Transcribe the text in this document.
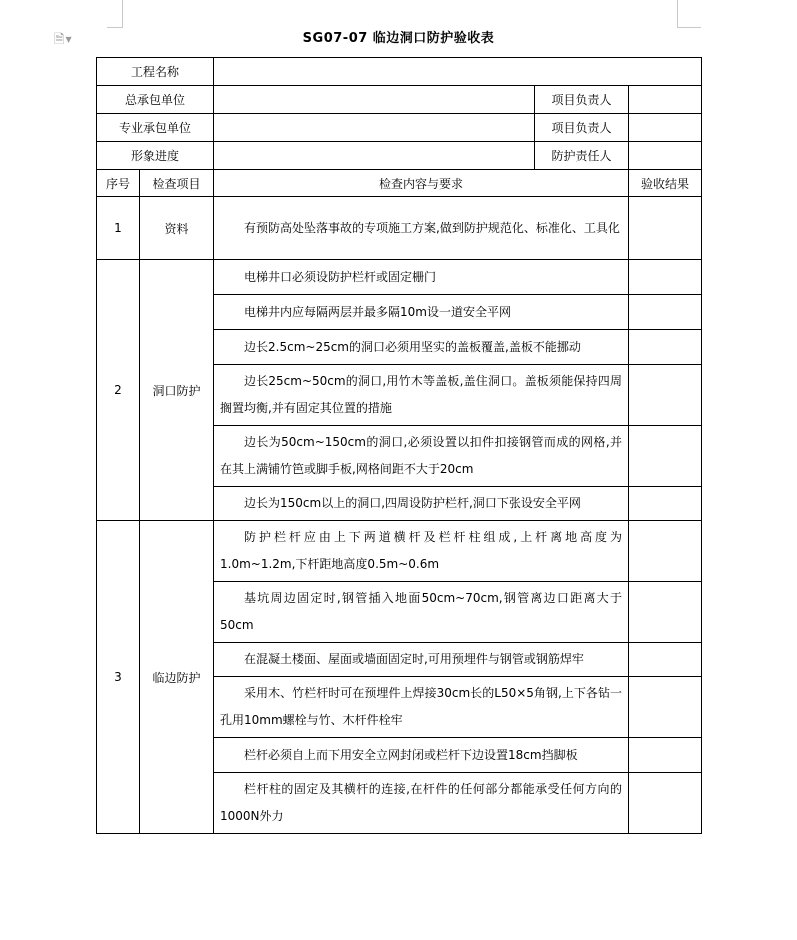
🗎▼	SG07-07 临边洞口防护验收表
工程名称				
总承包单位			项目负责人	
专业承包单位			项目负责人	
形象进度			防护责任人	
序号	检查项目	检查内容与要求		验收结果
1	资料	有预防高处坠落事故的专项施工方案,做到防护规范化、标准化、工具化		
2	洞口防护	电梯井口必须设防护栏杆或固定栅门		
		电梯井内应每隔两层并最多隔10m设一道安全平网		
		边长2.5cm~25cm的洞口必须用坚实的盖板覆盖,盖板不能挪动		
		边长25cm~50cm的洞口,用竹木等盖板,盖住洞口。盖板须能保持四周搁置均衡,并有固定其位置的措施		
		边长为50cm~150cm的洞口,必须设置以扣件扣接钢管而成的网格,并在其上满铺竹笆或脚手板,网格间距不大于20cm		
		边长为150cm以上的洞口,四周设防护栏杆,洞口下张设安全平网		
3	临边防护	防护栏杆应由上下两道横杆及栏杆柱组成,上杆离地高度为1.0m~1.2m,下杆距地高度0.5m~0.6m		
		基坑周边固定时,钢管插入地面50cm~70cm,钢管离边口距离大于50cm		
		在混凝土楼面、屋面或墙面固定时,可用预埋件与钢管或钢筋焊牢		
		采用木、竹栏杆时可在预埋件上焊接30cm长的L50×5角钢,上下各钻一孔用10mm螺栓与竹、木杆件栓牢		
		栏杆必须自上而下用安全立网封闭或栏杆下边设置18cm挡脚板		
		栏杆柱的固定及其横杆的连接,在杆件的任何部分都能承受任何方向的1000N外力		
